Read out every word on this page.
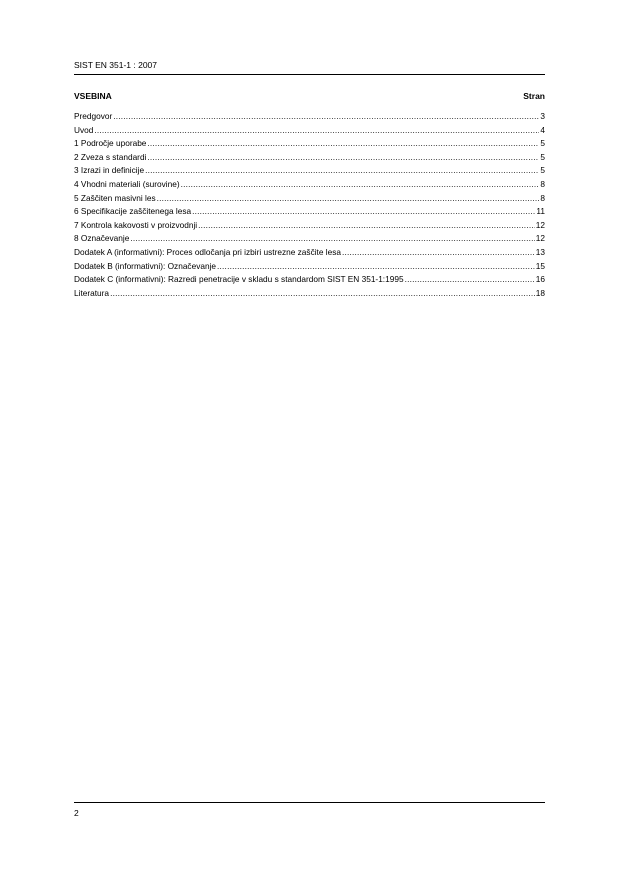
SIST EN 351-1 : 2007
VSEBINA	Stran
Predgovor .....	3
Uvod .....	4
1 Področje uporabe .....	5
2 Zveza s standardi .....	5
3 Izrazi in definicije .....	5
4 Vhodni materiali (surovine) .....	8
5 Zaščiten masivni les .....	8
6 Specifikacije zaščitenega lesa .....	11
7 Kontrola kakovosti v proizvodnji .....	12
8 Označevanje .....	12
Dodatek A (informativni): Proces odločanja pri izbiri ustrezne zaščite lesa .....	13
Dodatek B (informativni): Označevanje .....	15
Dodatek C (informativni): Razredi penetracije v skladu s standardom SIST EN 351-1:1995 .....	16
Literatura .....	18
2
